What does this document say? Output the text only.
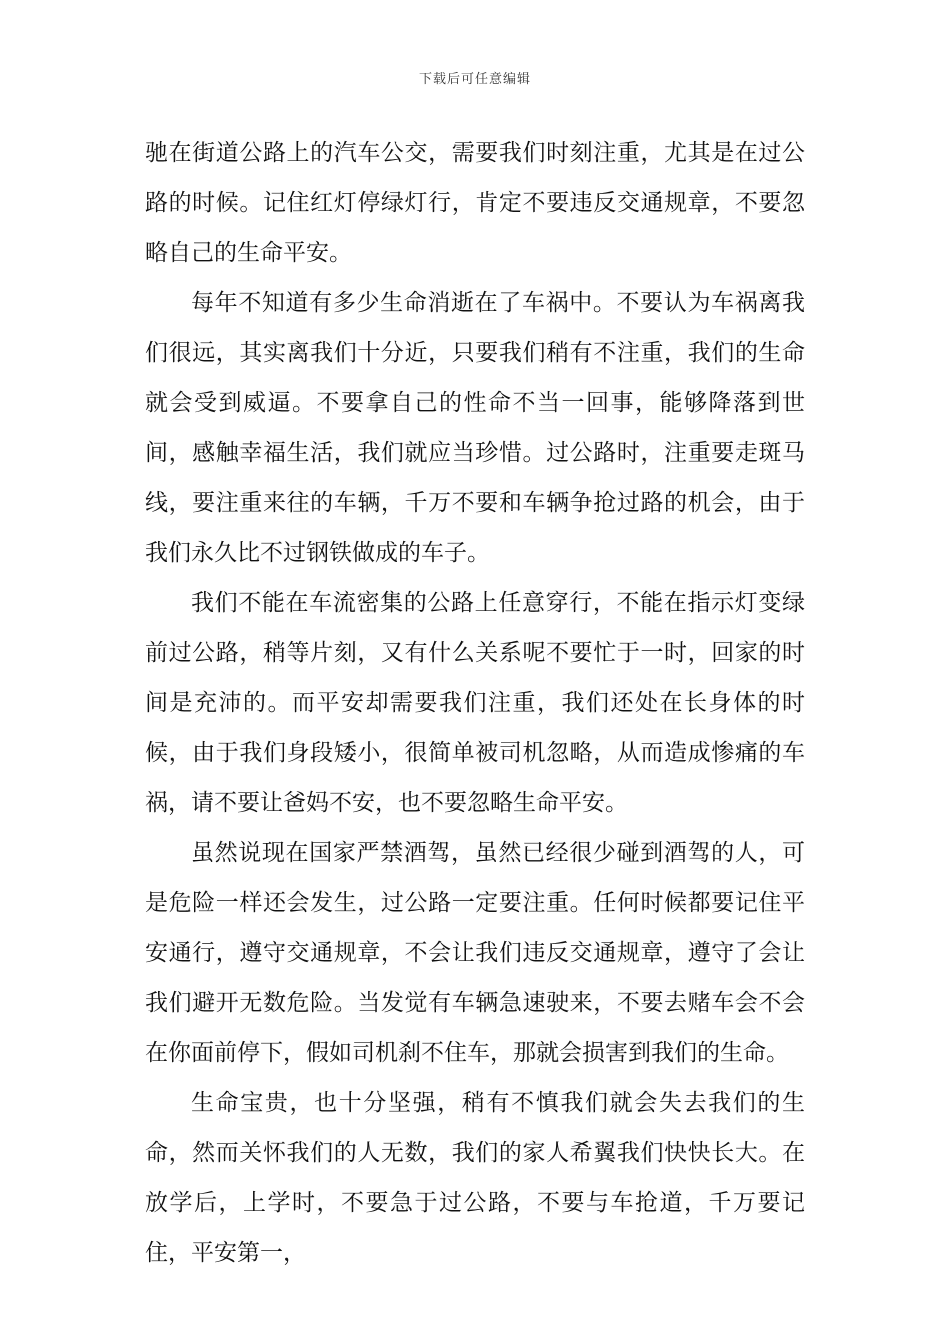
下载后可任意编辑

驰在街道公路上的汽车公交，需要我们时刻注重，尤其是在过公路的时候。记住红灯停绿灯行，肯定不要违反交通规章，不要忽略自己的生命平安。

每年不知道有多少生命消逝在了车祸中。不要认为车祸离我们很远，其实离我们十分近，只要我们稍有不注重，我们的生命就会受到威逼。不要拿自己的性命不当一回事，能够降落到世间，感触幸福生活，我们就应当珍惜。过公路时，注重要走斑马线，要注重来往的车辆，千万不要和车辆争抢过路的机会，由于我们永久比不过钢铁做成的车子。

我们不能在车流密集的公路上任意穿行，不能在指示灯变绿前过公路，稍等片刻，又有什么关系呢不要忙于一时，回家的时间是充沛的。而平安却需要我们注重，我们还处在长身体的时候，由于我们身段矮小，很简单被司机忽略，从而造成惨痛的车祸，请不要让爸妈不安，也不要忽略生命平安。

虽然说现在国家严禁酒驾，虽然已经很少碰到酒驾的人，可是危险一样还会发生，过公路一定要注重。任何时候都要记住平安通行，遵守交通规章，不会让我们违反交通规章，遵守了会让我们避开无数危险。当发觉有车辆急速驶来，不要去赌车会不会在你面前停下，假如司机刹不住车，那就会损害到我们的生命。

生命宝贵，也十分坚强，稍有不慎我们就会失去我们的生命，然而关怀我们的人无数，我们的家人希翼我们快快长大。在放学后，上学时，不要急于过公路，不要与车抢道，千万要记住，平安第一，
